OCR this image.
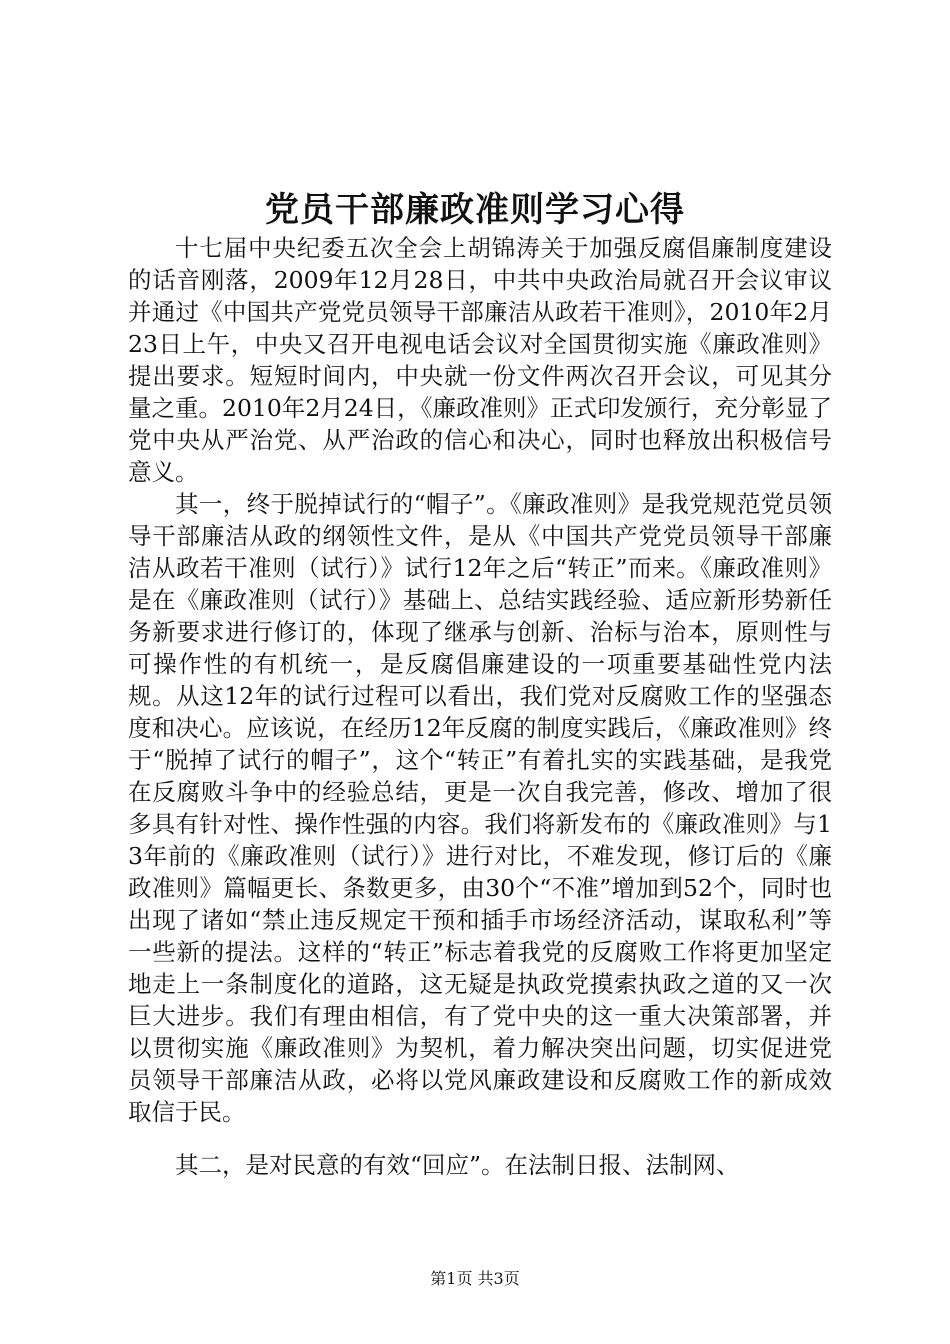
党员干部廉政准则学习心得

十七届中央纪委五次全会上胡锦涛关于加强反腐倡廉制度建设的话音刚落，2009年12月28日，中共中央政治局就召开会议审议并通过《中国共产党党员领导干部廉洁从政若干准则》，2010年2月23日上午，中央又召开电视电话会议对全国贯彻实施《廉政准则》提出要求。短短时间内，中央就一份文件两次召开会议，可见其分量之重。2010年2月24日，《廉政准则》正式印发颁行，充分彰显了党中央从严治党、从严治政的信心和决心，同时也释放出积极信号意义。

其一，终于脱掉试行的“帽子”。《廉政准则》是我党规范党员领导干部廉洁从政的纲领性文件，是从《中国共产党党员领导干部廉洁从政若干准则（试行）》试行12年之后“转正”而来。《廉政准则》是在《廉政准则（试行）》基础上、总结实践经验、适应新形势新任务新要求进行修订的，体现了继承与创新、治标与治本，原则性与可操作性的有机统一，是反腐倡廉建设的一项重要基础性党内法规。从这12年的试行过程可以看出，我们党对反腐败工作的坚强态度和决心。应该说，在经历12年反腐的制度实践后，《廉政准则》终于“脱掉了试行的帽子”，这个“转正”有着扎实的实践基础，是我党在反腐败斗争中的经验总结，更是一次自我完善，修改、增加了很多具有针对性、操作性强的内容。我们将新发布的《廉政准则》与13年前的《廉政准则（试行）》进行对比，不难发现，修订后的《廉政准则》篇幅更长、条数更多，由30个“不准”增加到52个，同时也出现了诸如“禁止违反规定干预和插手市场经济活动，谋取私利”等一些新的提法。这样的“转正”标志着我党的反腐败工作将更加坚定地走上一条制度化的道路，这无疑是执政党摸索执政之道的又一次巨大进步。我们有理由相信，有了党中央的这一重大决策部署，并以贯彻实施《廉政准则》为契机，着力解决突出问题，切实促进党员领导干部廉洁从政，必将以党风廉政建设和反腐败工作的新成效取信于民。

其二，是对民意的有效“回应”。在法制日报、法制网、

第1页 共3页
